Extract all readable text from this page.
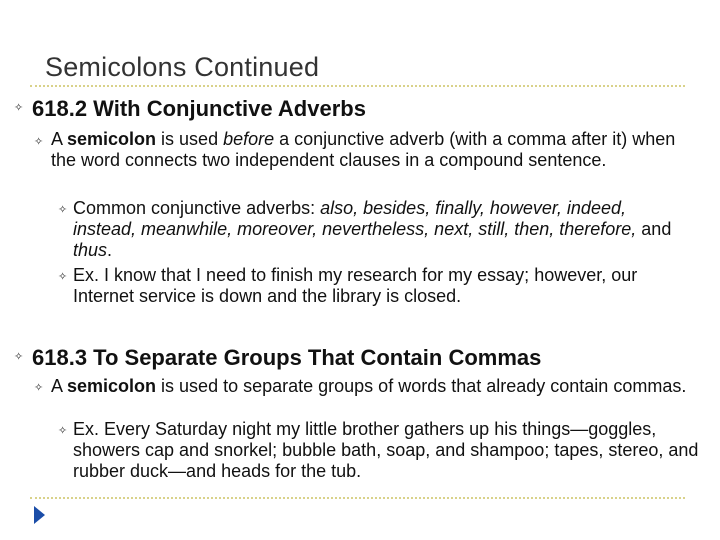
Semicolons Continued
✧ 618.2 With Conjunctive Adverbs
✧ A semicolon is used before a conjunctive adverb (with a comma after it) when the word connects two independent clauses in a compound sentence.
✧ Common conjunctive adverbs: also, besides, finally, however, indeed, instead, meanwhile, moreover, nevertheless, next, still, then, therefore, and thus.
✧ Ex. I know that I need to finish my research for my essay; however, our Internet service is down and the library is closed.
✧ 618.3 To Separate Groups That Contain Commas
✧ A semicolon is used to separate groups of words that already contain commas.
✧ Ex. Every Saturday night my little brother gathers up his things—goggles, showers cap and snorkel; bubble bath, soap, and shampoo; tapes, stereo, and rubber duck—and heads for the tub.
